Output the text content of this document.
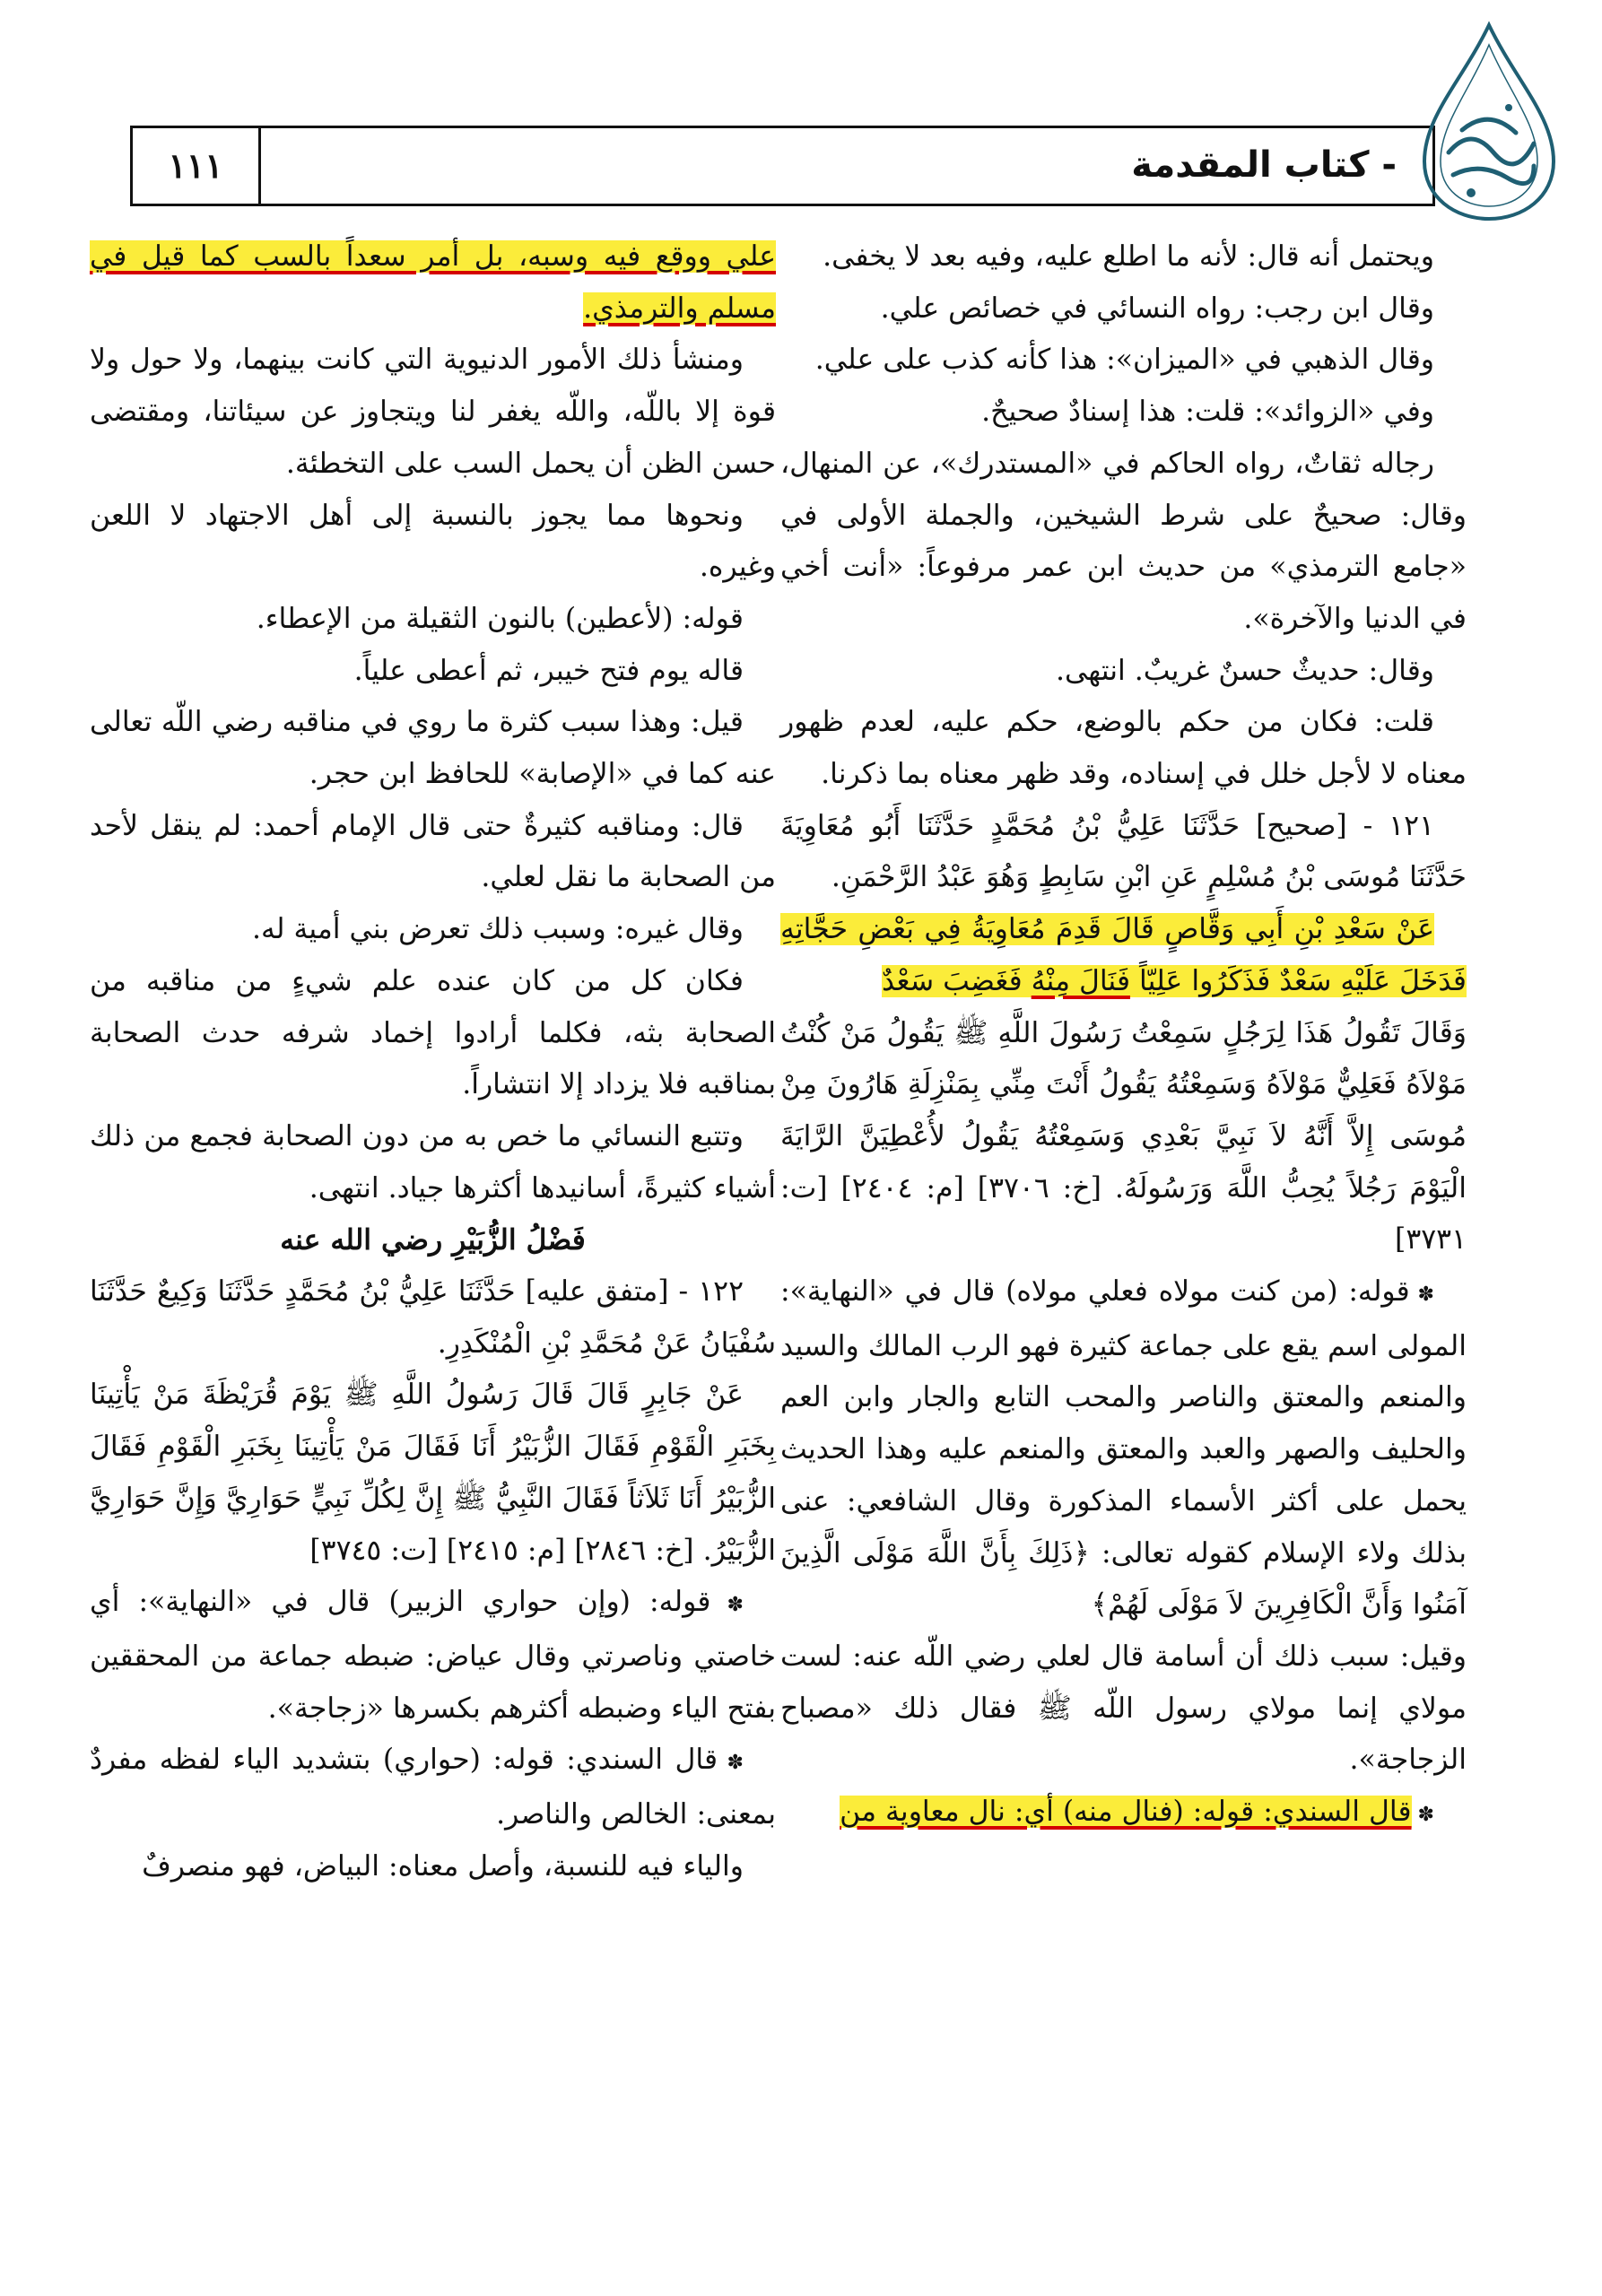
- كتاب المقدمة
١١١

ويحتمل أنه قال: لأنه ما اطلع عليه، وفيه بعد لا يخفى.

وقال ابن رجب: رواه النسائي في خصائص علي.

وقال الذهبي في «الميزان»: هذا كأنه كذب على علي.

وفي «الزوائد»: قلت: هذا إسنادٌ صحيحٌ.

رجاله ثقاتٌ، رواه الحاكم في «المستدرك»، عن المنهال، وقال: صحيحٌ على شرط الشيخين، والجملة الأولى في «جامع الترمذي» من حديث ابن عمر مرفوعاً: «أنت أخي في الدنيا والآخرة».

وقال: حديثٌ حسنٌ غريبٌ. انتهى.

قلت: فكان من حكم بالوضع، حكم عليه، لعدم ظهور معناه لا لأجل خلل في إسناده، وقد ظهر معناه بما ذكرنا.

١٢١ - [صحيح] حَدَّثَنَا عَلِيُّ بْنُ مُحَمَّدٍ حَدَّثَنَا أَبُو مُعَاوِيَةَ حَدَّثَنَا مُوسَى بْنُ مُسْلِمٍ عَنِ ابْنِ سَابِطٍ وَهُوَ عَبْدُ الرَّحْمَنِ.

عَنْ سَعْدِ بْنِ أَبِي وَقَّاصٍ قَالَ قَدِمَ مُعَاوِيَةُ فِي بَعْضِ حَجَّاتِهِ فَدَخَلَ عَلَيْهِ سَعْدٌ فَذَكَرُوا عَلِيّاً فَنَالَ مِنْهُ فَغَضِبَ سَعْدٌ

وَقَالَ تَقُولُ هَذَا لِرَجُلٍ سَمِعْتُ رَسُولَ اللَّهِ ﷺ يَقُولُ مَنْ كُنْتُ مَوْلاَهُ فَعَلِيٌّ مَوْلاَهُ وَسَمِعْتُهُ يَقُولُ أَنْتَ مِنِّي بِمَنْزِلَةِ هَارُونَ مِنْ مُوسَى إِلاَّ أَنَّهُ لاَ نَبِيَّ بَعْدِي وَسَمِعْتُهُ يَقُولُ لأُعْطِيَنَّ الرَّايَةَ الْيَوْمَ رَجُلاً يُحِبُّ اللَّهَ وَرَسُولَهُ. [خ: ٣٧٠٦] [م: ٢٤٠٤] [ت: ٣٧٣١]

✽ قوله: (من كنت مولاه فعلي مولاه) قال في «النهاية»: المولى اسم يقع على جماعة كثيرة فهو الرب المالك والسيد والمنعم والمعتق والناصر والمحب التابع والجار وابن العم والحليف والصهر والعبد والمعتق والمنعم عليه وهذا الحديث يحمل على أكثر الأسماء المذكورة وقال الشافعي: عنى بذلك ولاء الإسلام كقوله تعالى: ﴿ذَلِكَ بِأَنَّ اللَّهَ مَوْلَى الَّذِينَ آمَنُوا وَأَنَّ الْكَافِرِينَ لاَ مَوْلَى لَهُمْ﴾

وقيل: سبب ذلك أن أسامة قال لعلي رضي اللّه عنه: لست مولاي إنما مولاي رسول اللّه ﷺ فقال ذلك «مصباح الزجاجة».

✽ قال السندي: قوله: (فنال منه) أي: نال معاوية من

علي ووقع فيه وسبه، بل أمر سعداً بالسب كما قيل في مسلم والترمذي.

ومنشأ ذلك الأمور الدنيوية التي كانت بينهما، ولا حول ولا قوة إلا باللّه، واللّه يغفر لنا ويتجاوز عن سيئاتنا، ومقتضى حسن الظن أن يحمل السب على التخطئة.

ونحوها مما يجوز بالنسبة إلى أهل الاجتهاد لا اللعن وغيره.

قوله: (لأعطين) بالنون الثقيلة من الإعطاء.

قاله يوم فتح خيبر، ثم أعطى علياً.

قيل: وهذا سبب كثرة ما روي في مناقبه رضي اللّه تعالى عنه كما في «الإصابة» للحافظ ابن حجر.

قال: ومناقبه كثيرةٌ حتى قال الإمام أحمد: لم ينقل لأحد من الصحابة ما نقل لعلي.

وقال غيره: وسبب ذلك تعرض بني أمية له.

فكان كل من كان عنده علم شيءٍ من مناقبه من الصحابة بثه، فكلما أرادوا إخماد شرفه حدث الصحابة بمناقبه فلا يزداد إلا انتشاراً.

وتتبع النسائي ما خص به من دون الصحابة فجمع من ذلك أشياء كثيرةً، أسانيدها أكثرها جياد. انتهى.

فَضْلُ الزُّبَيْرِ رضي الله عنه

١٢٢ - [متفق عليه] حَدَّثَنَا عَلِيُّ بْنُ مُحَمَّدٍ حَدَّثَنَا وَكِيعٌ حَدَّثَنَا سُفْيَانُ عَنْ مُحَمَّدِ بْنِ الْمُنْكَدِرِ.

عَنْ جَابِرٍ قَالَ قَالَ رَسُولُ اللَّهِ ﷺ يَوْمَ قُرَيْظَةَ مَنْ يَأْتِينَا بِخَبَرِ الْقَوْمِ فَقَالَ الزُّبَيْرُ أَنَا فَقَالَ مَنْ يَأْتِينَا بِخَبَرِ الْقَوْمِ فَقَالَ الزُّبَيْرُ أَنَا ثَلاَثاً فَقَالَ النَّبِيُّ ﷺ إِنَّ لِكُلِّ نَبِيٍّ حَوَارِيَّ وَإِنَّ حَوَارِيَّ الزُّبَيْرُ. [خ: ٢٨٤٦] [م: ٢٤١٥] [ت: ٣٧٤٥]

✽ قوله: (وإن حواري الزبير) قال في «النهاية»: أي خاصتي وناصرتي وقال عياض: ضبطه جماعة من المحققين بفتح الياء وضبطه أكثرهم بكسرها «زجاجة».

✽ قال السندي: قوله: (حواري) بتشديد الياء لفظه مفردٌ بمعنى: الخالص والناصر.

والياء فيه للنسبة، وأصل معناه: البياض، فهو منصرفٌ
